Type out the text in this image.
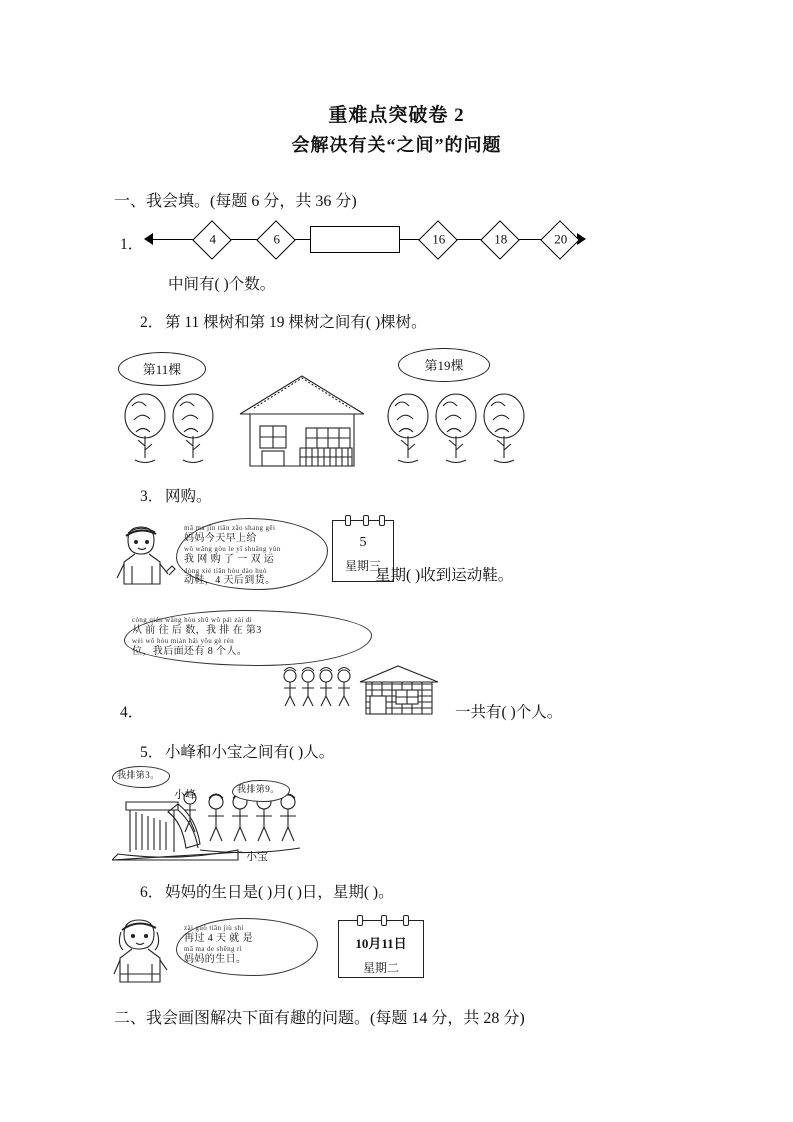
重难点突破卷 2
会解决有关“之间”的问题
一、我会填。(每题 6 分，共 36 分)
1．	4	6	16	18	20
中间有( )个数。
2． 第 11 棵树和第 19 棵树之间有( )棵树。
第11棵	第19棵
3． 网购。
mā ma jīn tiān zǎo shang gěi
妈妈今天早上给
wǒ wǎng gòu le yī shuāng yùn
我 网 购 了 一 双 运
dòng xié tiān hòu dào huò
动鞋，4 天后到货。
5
星期三
星期( )收到运动鞋。
cóng qián wǎng hòu shǔ wǒ pái zài dì
从 前 往 后 数，我 排 在 第3
wèi wǒ hòu miàn hái yǒu gè rén
位，我后面还有 8 个人。
4．	一共有( )个人。
5． 小峰和小宝之间有( )人。
我排第3。
我排第9。
小峰
小宝
6． 妈妈的生日是( )月( )日，星期( )。
zài guò tiān jiù shì
再过 4 天 就 是
mā ma de shēng rì
妈妈的生日。
10月11日
星期二
二、我会画图解决下面有趣的问题。(每题 14 分，共 28 分)
